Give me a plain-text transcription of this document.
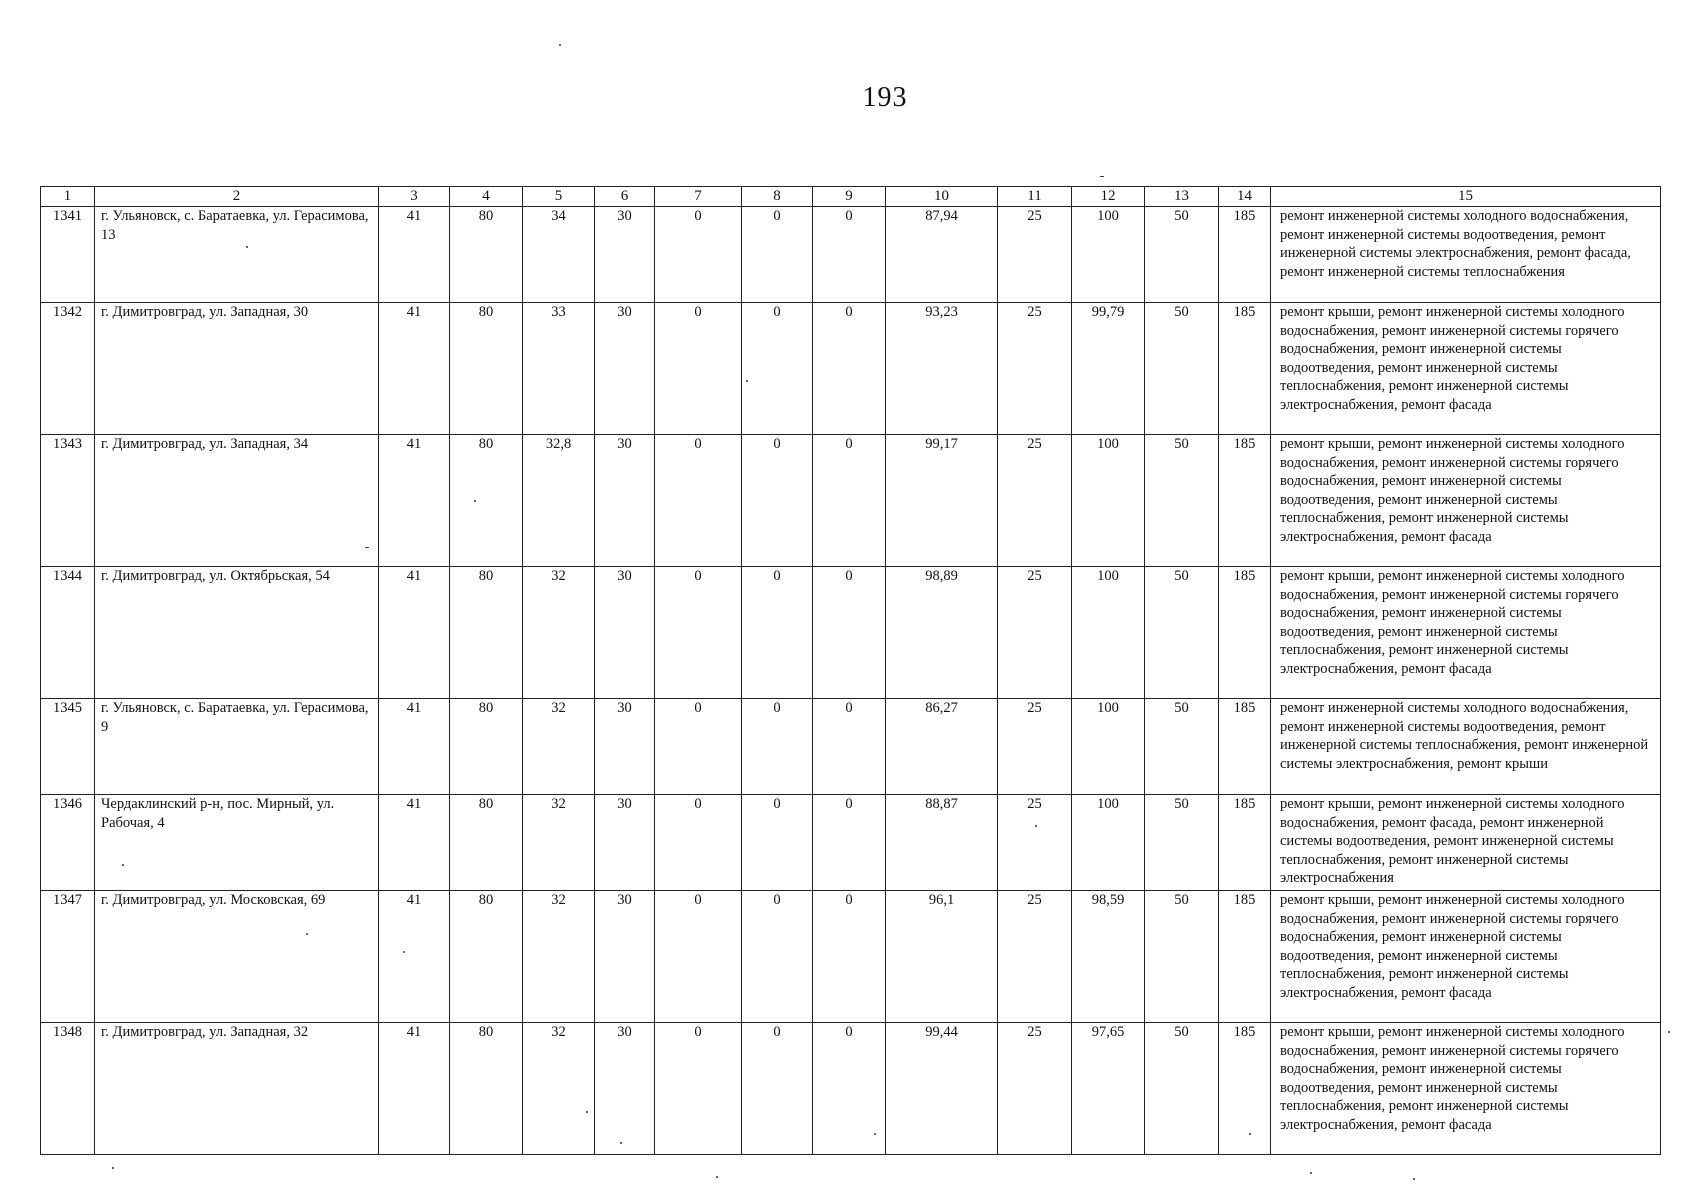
193
1	2	3	4	5	6	7	8	9	10	11	12	13	14	15
1341	г. Ульяновск, с. Баратаевка, ул. Герасимова, 13	41	80	34	30	0	0	0	87,94	25	100	50	185	ремонт инженерной системы холодного водоснабжения, ремонт инженерной системы водоотведения, ремонт инженерной системы электроснабжения, ремонт фасада, ремонт инженерной системы теплоснабжения
1342	г. Димитровград, ул. Западная, 30	41	80	33	30	0	0	0	93,23	25	99,79	50	185	ремонт крыши, ремонт инженерной системы холодного водоснабжения, ремонт инженерной системы горячего водоснабжения, ремонт инженерной системы водоотведения, ремонт инженерной системы теплоснабжения, ремонт инженерной системы электроснабжения, ремонт фасада
1343	г. Димитровград, ул. Западная, 34	41	80	32,8	30	0	0	0	99,17	25	100	50	185	ремонт крыши, ремонт инженерной системы холодного водоснабжения, ремонт инженерной системы горячего водоснабжения, ремонт инженерной системы водоотведения, ремонт инженерной системы теплоснабжения, ремонт инженерной системы электроснабжения, ремонт фасада
1344	г. Димитровград, ул. Октябрьская, 54	41	80	32	30	0	0	0	98,89	25	100	50	185	ремонт крыши, ремонт инженерной системы холодного водоснабжения, ремонт инженерной системы горячего водоснабжения, ремонт инженерной системы водоотведения, ремонт инженерной системы теплоснабжения, ремонт инженерной системы электроснабжения, ремонт фасада
1345	г. Ульяновск, с. Баратаевка, ул. Герасимова, 9	41	80	32	30	0	0	0	86,27	25	100	50	185	ремонт инженерной системы холодного водоснабжения, ремонт инженерной системы водоотведения, ремонт инженерной системы теплоснабжения, ремонт инженерной системы электроснабжения, ремонт крыши
1346	Чердаклинский р-н, пос. Мирный, ул. Рабочая, 4	41	80	32	30	0	0	0	88,87	25	100	50	185	ремонт крыши, ремонт инженерной системы холодного водоснабжения, ремонт фасада, ремонт инженерной системы водоотведения, ремонт инженерной системы теплоснабжения, ремонт инженерной системы электроснабжения
1347	г. Димитровград, ул. Московская, 69	41	80	32	30	0	0	0	96,1	25	98,59	50	185	ремонт крыши, ремонт инженерной системы холодного водоснабжения, ремонт инженерной системы горячего водоснабжения, ремонт инженерной системы водоотведения, ремонт инженерной системы теплоснабжения, ремонт инженерной системы электроснабжения, ремонт фасада
1348	г. Димитровград, ул. Западная, 32	41	80	32	30	0	0	0	99,44	25	97,65	50	185	ремонт крыши, ремонт инженерной системы холодного водоснабжения, ремонт инженерной системы горячего водоснабжения, ремонт инженерной системы водоотведения, ремонт инженерной системы теплоснабжения, ремонт инженерной системы электроснабжения, ремонт фасада
